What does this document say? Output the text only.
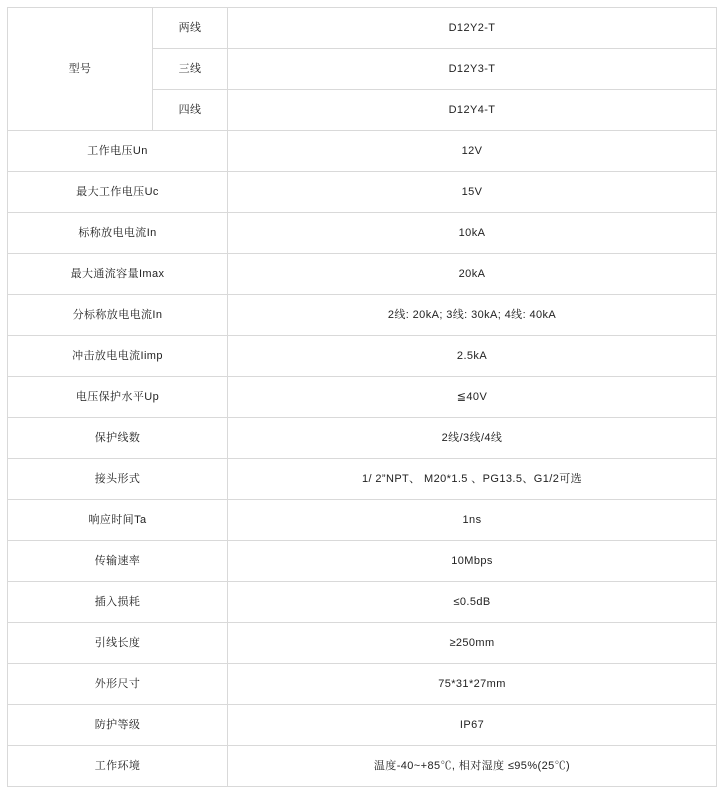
型号	两线	D12Y2-T
	三线	D12Y3-T
	四线	D12Y4-T
工作电压Un		12V
最大工作电压Uc		15V
标称放电电流In		10kA
最大通流容量Imax		20kA
分标称放电电流In		2线: 20kA; 3线: 30kA; 4线: 40kA
冲击放电电流Iimp		2.5kA
电压保护水平Up		≦40V
保护线数		2线/3线/4线
接头形式		1/ 2”NPT、 M20*1.5 、PG13.5、G1/2可选
响应时间Ta		1ns
传输速率		10Mbps
插入损耗		≤0.5dB
引线长度		≥250mm
外形尺寸		75*31*27mm
防护等级		IP67
工作环境		温度-40~+85℃, 相对湿度 ≤95%(25℃)
